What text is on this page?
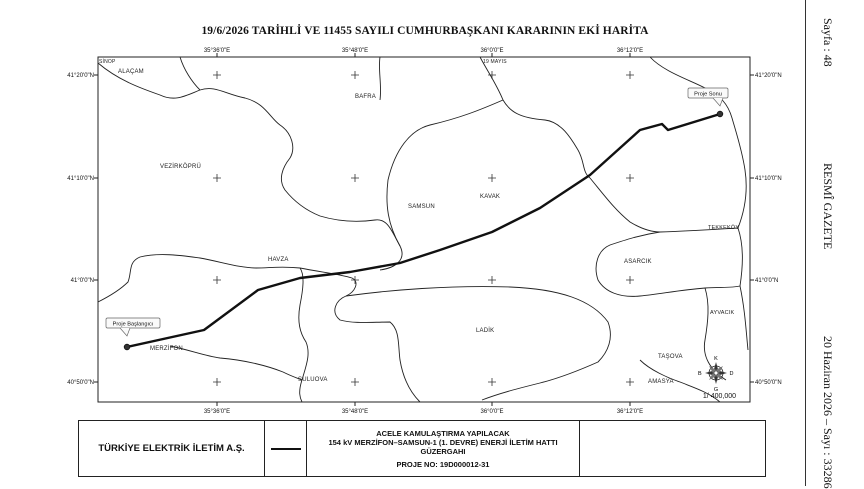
19/6/2026 TARİHLİ VE 11455 SAYILI CUMHURBAŞKANI KARARININ EKİ HARİTA	Sayfa : 48
RESMÎ GAZETE
20 Haziran 2026 – Sayı : 33286
Proje Başlangıcı
Proje Sonu
35°36'0"E	35°48'0"E	36°0'0"E	36°12'0"E
35°36'0"E	35°48'0"E	36°0'0"E	36°12'0"E
41°20'0"N
41°10'0"N
41°0'0"N
40°50'0"N
41°20'0"N
41°10'0"N
41°0'0"N
40°50'0"N
SİNOP
ALAÇAM
19 MAYIS
BAFRA
VEZİRKÖPRÜ
SAMSUN
KAVAK
TEKKEKÖY
HAVZA	ASARCIK
AYVACIK
LADİK
MERZİFON
TAŞOVA
SULUOVA	AMASYA
K
G
D
B
1/ 400,000
TÜRKİYE ELEKTRİK İLETİM A.Ş.
ACELE KAMULAŞTIRMA YAPILACAK
154 kV MERZİFON–SAMSUN-1 (1. DEVRE) ENERJİ İLETİM HATTI
GÜZERGAHI
PROJE NO: 19D000012-31
